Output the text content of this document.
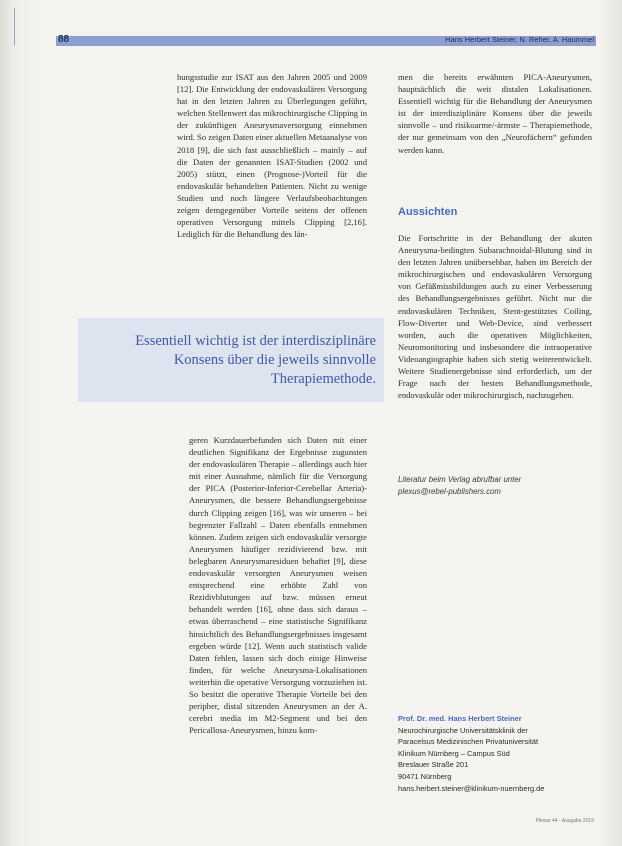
88	Hans Herbert Steiner, N. Reher, A. Haummel

hungsstudie zur ISAT aus den Jahren 2005 und 2009 [12]. Die Entwicklung der endovaskulären Versorgung hat in den letzten Jahren zu Überlegungen geführt, welchen Stellenwert das mikrochirurgische Clipping in der zukünftigen Aneurysmaversorgung einnehmen wird. So zeigen Daten einer aktuellen Metaanalyse von 2018 [9], die sich fast ausschließlich – mainly – auf die Daten der genannten ISAT-Studien (2002 und 2005) stützt, einen (Prognose-)Vorteil für die endovaskulär behandelten Patienten. Nicht zu wenige Studien und noch längere Verlaufsbeobachtungen zeigen demgegenüber Vorteile seitens der offenen operativen Versorgung mittels Clipping [2,16]. Lediglich für die Behandlung des län-

Essentiell wichtig ist der interdisziplinäre Konsens über die jeweils sinnvolle Therapiemethode.

geren Kurzdauerbefunden sich Daten mit einer deutlichen Signifikanz der Ergebnisse zugunsten der endovaskulären Therapie – allerdings auch hier mit einer Ausnahme, nämlich für die Versorgung der PICA (Posterior-Inferior-Cerebellar Arteria)-Aneurysmen, die bessere Behandlungsergebnisse durch Clipping zeigen [16], was wir unseren – bei begrenzter Fallzahl – Daten ebenfalls entnehmen können. Zudem zeigen sich endovaskulär versorgte Aneurysmen häufiger rezidivierend bzw. mit belegbaren Aneurysmaresiduen behaftet [9], diese endovaskulär versorgten Aneurysmen weisen entsprechend eine erhöhte Zahl von Rezidivblutungen auf bzw. müssen erneut behandelt werden [16], ohne dass sich daraus – etwas überraschend – eine statistische Signifikanz hinsichtlich des Behandlungsergebnisses insgesamt ergeben würde [12]. Wenn auch statistisch valide Daten fehlen, lassen sich doch einige Hinweise finden, für welche Aneurysma-Lokalisationen weiterhin die operative Versorgung vorzuziehen ist. So besitzt die operative Therapie Vorteile bei den peripher, distal sitzenden Aneurysmen an der A. cerebri media im M2-Segment und bei den Pericallosa-Aneurysmen, hinzu kom-

men die bereits erwähnten PICA-Aneurysmen, hauptsächlich die weit distalen Lokalisationen. Essentiell wichtig für die Behandlung der Aneurysmen ist der interdisziplinäre Konsens über die jeweils sinnvolle – und risikoarme/-ärmste – Therapiemethode, der nur gemeinsam von den „Neurofächern“ gefunden werden kann.

Aussichten

Die Fortschritte in der Behandlung der akuten Aneurysma-bedingten Subarachnoidal-Blutung sind in den letzten Jahren unübersehbar, haben im Bereich der mikrochirurgischen und endovaskulären Versorgung von Gefäßmissbildungen auch zu einer Verbesserung des Behandlungsergebnisses geführt. Nicht nur die endovaskulären Techniken, Stent-gestütztes Coiling, Flow-Diverter und Web-Device, sind verbessert worden, auch die operativen Möglichkeiten, Neuromonitoring und insbesondere die intraoperative Videoangiographie haben sich stetig weiterentwickelt. Weitere Studienergebnisse sind erforderlich, um der Frage nach der besten Behandlungsmethode, endovaskulär oder mikrochirurgisch, nachzugehen.

Literatur beim Verlag abrufbar unter
plexus@rebel-publishers.com
Prof. Dr. med. Hans Herbert Steiner
Neurochirurgische Universitätsklinik der
Paracelsus Medizinischen Privatuniversität
Klinikum Nürnberg – Campus Süd
Breslauer Straße 201
90471 Nürnberg
hans.herbert.steiner@klinikum-nuernberg.de
Plexus 44 · Ausgabe 2019
